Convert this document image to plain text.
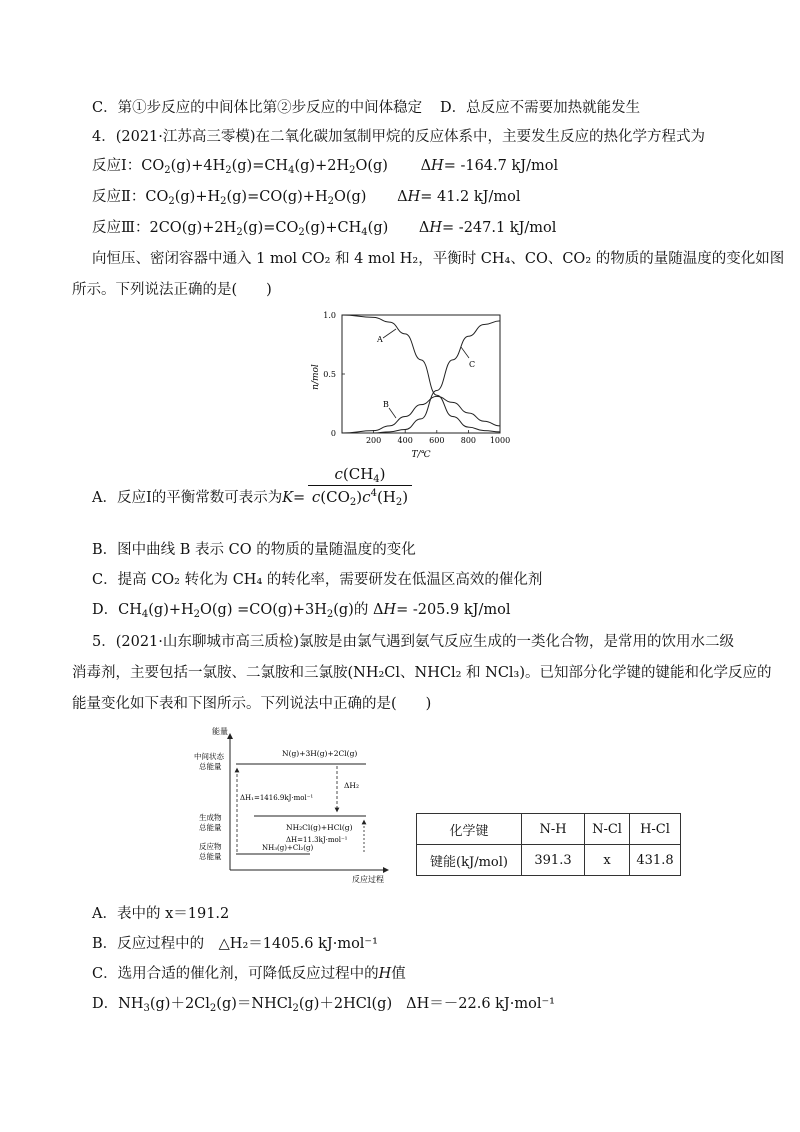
C．第①步反应的中间体比第②步反应的中间体稳定 D．总反应不需要加热就能发生
4．(2021·江苏高三零模)在二氧化碳加氢制甲烷的反应体系中，主要发生反应的热化学方程式为
反应Ⅰ：$CO_2(g)+4H_2(g)=CH_4(g)+2H_2O(g)$ ΔH= -164.7 kJ/mol
反应Ⅱ：$CO_2(g)+H_2(g)=CO(g)+H_2O(g)$ ΔH= 41.2 kJ/mol
反应Ⅲ：$2CO(g)+2H_2(g)=CO_2(g)+CH_4(g)$ ΔH= -247.1 kJ/mol
向恒压、密闭容器中通入 1 mol CO₂ 和 4 mol H₂，平衡时 CH₄、CO、CO₂ 的物质的量随温度的变化如图
所示。下列说法正确的是(　　)
n/mol
T/℃
0
0.5
1.0
200 400 600 800 1000
A
C
B
A．反应Ⅰ的平衡常数可表示为$K= \frac{c(CH_4)}{c(CO_2)c^4(H_2)}$
B．图中曲线 B 表示 CO 的物质的量随温度的变化
C．提高 CO₂ 转化为 CH₄ 的转化率，需要研发在低温区高效的催化剂
D．$CH_4(g)+H_2O(g) =CO(g)+3H_2(g)$的 ΔH= -205.9 kJ/mol
5．(2021·山东聊城市高三质检)氯胺是由氯气遇到氨气反应生成的一类化合物，是常用的饮用水二级
消毒剂，主要包括一氯胺、二氯胺和三氯胺(NH₂Cl、NHCl₂ 和 NCl₃)。已知部分化学键的键能和化学反应的
能量变化如下表和下图所示。下列说法中正确的是(　　)
能量
反应过程
中间状态
总能量
生成物
总能量
反应物
总能量
N(g)+3H(g)+2Cl(g)
NH₂Cl(g)+HCl(g)
NH₃(g)+Cl₂(g)
ΔH₁=1416.9kJ·mol⁻¹
ΔH₂
ΔH=11.3kJ·mol⁻¹
化学键	N-H	N-Cl	H-Cl
键能(kJ/mol)	391.3	x	431.8
A．表中的 x＝191.2
B．反应过程中的　△H₂＝1405.6 kJ·mol⁻¹
C．选用合适的催化剂，可降低反应过程中的H值
D．$NH_3(g)+2Cl_2(g)=NHCl_2(g)+2HCl(g)$ ΔH＝－22.6 kJ·mol⁻¹
